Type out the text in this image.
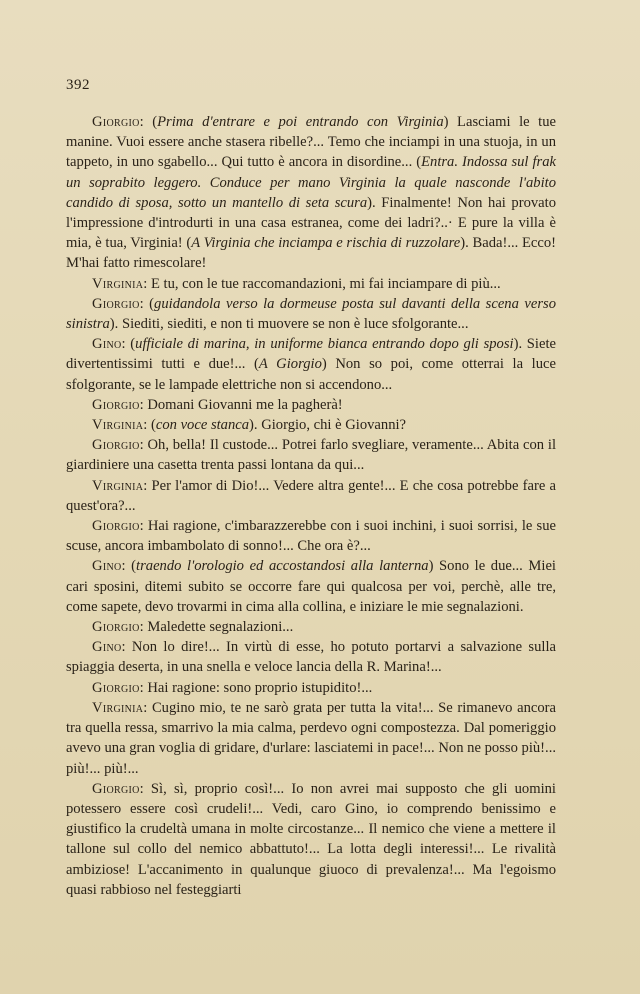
392

Giorgio: (Prima d'entrare e poi entrando con Virginia) Lasciami le tue manine. Vuoi essere anche stasera ribelle?... Temo che inciampi in una stuoja, in un tappeto, in uno sgabello... Qui tutto è ancora in disordine... (Entra. Indossa sul frak un soprabito leggero. Conduce per mano Virginia la quale nasconde l'abito candido di sposa, sotto un mantello di seta scura). Finalmente! Non hai provato l'impressione d'introdurti in una casa estranea, come dei ladri?..· E pure la villa è mia, è tua, Virginia! (A Virginia che inciampa e rischia di ruzzolare). Bada!... Ecco! M'hai fatto rimescolare!

Virginia: E tu, con le tue raccomandazioni, mi fai inciampare di più...

Giorgio: (guidandola verso la dormeuse posta sul davanti della scena verso sinistra). Siediti, siediti, e non ti muovere se non è luce sfolgorante...

Gino: (ufficiale di marina, in uniforme bianca entrando dopo gli sposi). Siete divertentissimi tutti e due!... (A Giorgio) Non so poi, come otterrai la luce sfolgorante, se le lampade elettriche non si accendono...

Giorgio: Domani Giovanni me la pagherà!

Virginia: (con voce stanca). Giorgio, chi è Giovanni?

Giorgio: Oh, bella! Il custode... Potrei farlo svegliare, veramente... Abita con il giardiniere una casetta trenta passi lontana da qui...

Virginia: Per l'amor di Dio!... Vedere altra gente!... E che cosa potrebbe fare a quest'ora?...

Giorgio: Hai ragione, c'imbarazzerebbe con i suoi inchini, i suoi sorrisi, le sue scuse, ancora imbambolato di sonno!... Che ora è?...

Gino: (traendo l'orologio ed accostandosi alla lanterna) Sono le due... Miei cari sposini, ditemi subito se occorre fare qui qualcosa per voi, perchè, alle tre, come sapete, devo trovarmi in cima alla collina, e iniziare le mie segnalazioni.

Giorgio: Maledette segnalazioni...

Gino: Non lo dire!... In virtù di esse, ho potuto portarvi a salvazione sulla spiaggia deserta, in una snella e veloce lancia della R. Marina!...

Giorgio: Hai ragione: sono proprio istupidito!...

Virginia: Cugino mio, te ne sarò grata per tutta la vita!... Se rimanevo ancora tra quella ressa, smarrivo la mia calma, perdevo ogni compostezza. Dal pomeriggio avevo una gran voglia di gridare, d'urlare: lasciatemi in pace!... Non ne posso più!... più!... più!...

Giorgio: Sì, sì, proprio così!... Io non avrei mai supposto che gli uomini potessero essere così crudeli!... Vedi, caro Gino, io comprendo benissimo e giustifico la crudeltà umana in molte circostanze... Il nemico che viene a mettere il tallone sul collo del nemico abbattuto!... La lotta degli interessi!... Le rivalità ambiziose! L'accanimento in qualunque giuoco di prevalenza!... Ma l'egoismo quasi rabbioso nel festeggiarti
